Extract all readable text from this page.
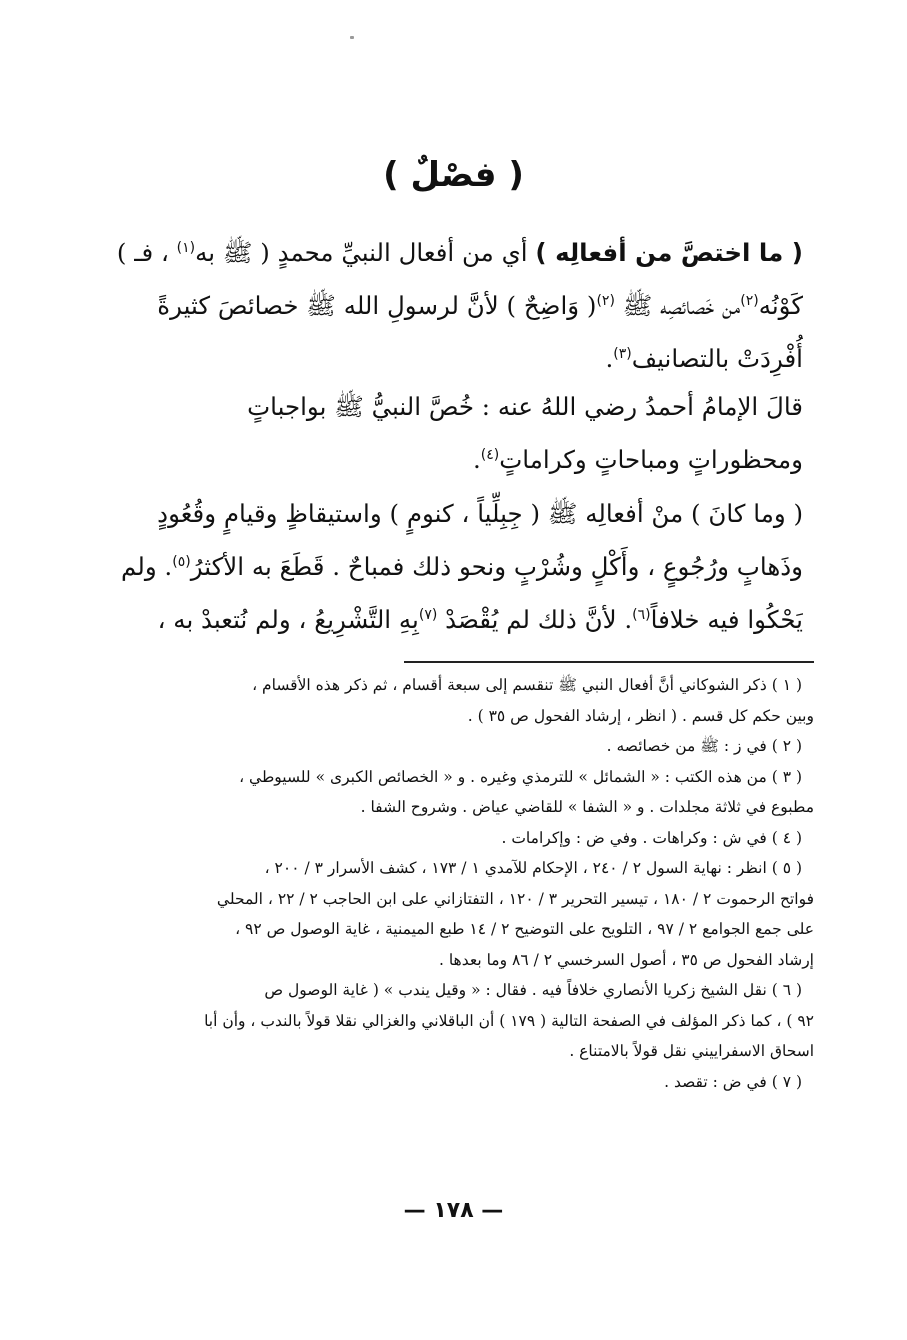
( فصْلٌ )
( ما اختصَّ من أفعالِه ) أي من أفعال النبيِّ محمدٍ ( ﷺ به$^{(١)}$ ، فـ )
كَوْنُه$^{(٢)}$من خَصائصِه ﷺ $^{(٢)}$( وَاضِحٌ ) لأنَّ لرسولِ الله ﷺ خصائصَ كثيرةً
أُفْرِدَتْ بالتصانيف$^{(٣)}$.
قالَ الإمامُ أحمدُ رضي اللهُ عنه : خُصَّ النبيُّ ﷺ بواجباتٍ
ومحظوراتٍ ومباحاتٍ وكراماتٍ$^{(٤)}$.
( وما كانَ ) منْ أفعالِه ﷺ ( جِبِلِّياً ، كنومٍ ) واستيقاظٍ وقيامٍ وقُعُودٍ
وذَهابٍ ورُجُوعٍ ، وأَكْلٍ وشُرْبٍ ونحو ذلك فمباحٌ . قَطَعَ به الأكثرُ$^{(٥)}$. ولم
يَحْكُوا فيه خلافاً$^{(٦)}$. لأنَّ ذلك لم يُقْصَدْ $^{(٧)}$بِهِ التَّشْرِيعُ ، ولم نُتعبدْ به ،
( ١ ) ذكر الشوكاني أنَّ أفعال النبي ﷺ تنقسم إلى سبعة أقسام ، ثم ذكر هذه الأقسام ،
وبين حكم كل قسم . ( انظر ، إرشاد الفحول ص ٣٥ ) .
( ٢ ) في ز : ﷺ من خصائصه .
( ٣ ) من هذه الكتب : « الشمائل » للترمذي وغيره . و « الخصائص الكبرى » للسيوطي ،
مطبوع في ثلاثة مجلدات . و « الشفا » للقاضي عياض . وشروح الشفا .
( ٤ ) في ش : وكراهات . وفي ض : وإكرامات .
( ٥ ) انظر : نهاية السول ٢ / ٢٤٠ ، الإحكام للآمدي ١ / ١٧٣ ، كشف الأسرار ٣ / ٢٠٠ ،
فواتح الرحموت ٢ / ١٨٠ ، تيسير التحرير ٣ / ١٢٠ ، التفتازاني على ابن الحاجب ٢ / ٢٢ ، المحلي
على جمع الجوامع ٢ / ٩٧ ، التلويح على التوضيح ٢ / ١٤ طبع الميمنية ، غاية الوصول ص ٩٢ ،
إرشاد الفحول ص ٣٥ ، أصول السرخسي ٢ / ٨٦ وما بعدها .
( ٦ ) نقل الشيخ زكريا الأنصاري خلافاً فيه . فقال : « وقيل يندب » ( غاية الوصول ص
٩٢ ) ، كما ذكر المؤلف في الصفحة التالية ( ١٧٩ ) أن الباقلاني والغزالي نقلا قولاً بالندب ، وأن أبا
اسحاق الاسفراييني نقل قولاً بالامتناع .
( ٧ ) في ض : تقصد .
— ١٧٨ —
